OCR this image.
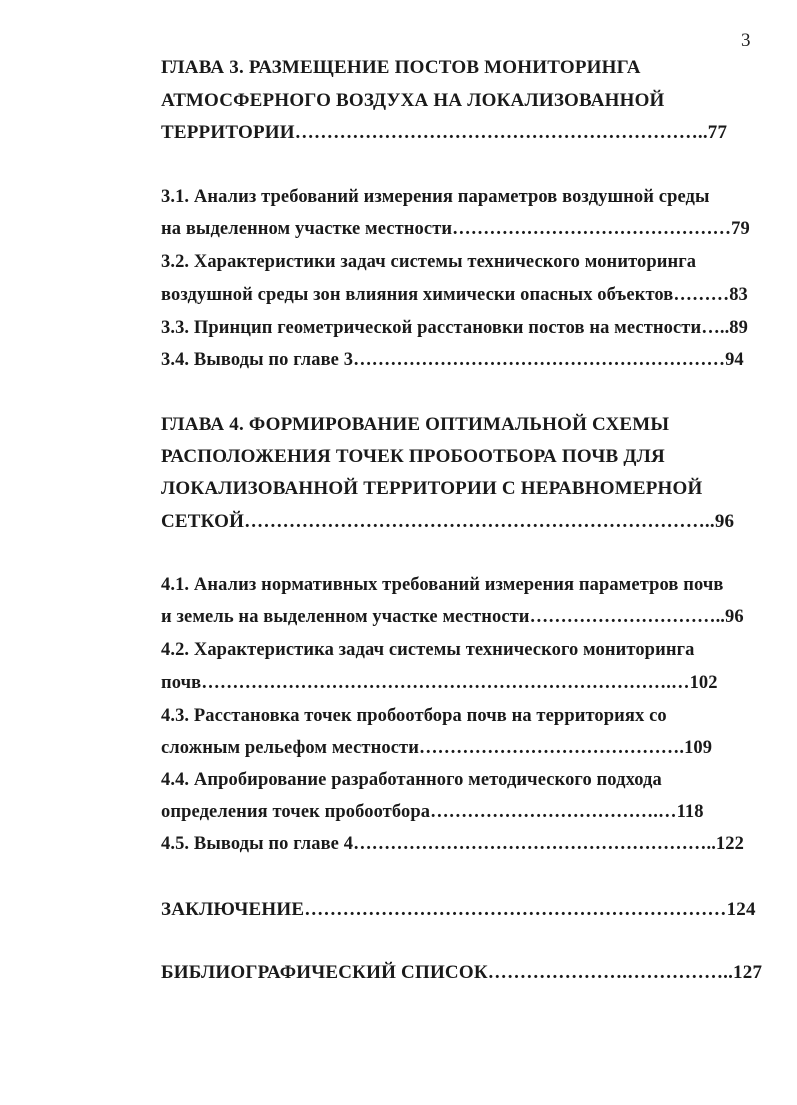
3
ГЛАВА 3. РАЗМЕЩЕНИЕ ПОСТОВ МОНИТОРИНГА
АТМОСФЕРНОГО ВОЗДУХА НА ЛОКАЛИЗОВАННОЙ
ТЕРРИТОРИИ………………………………………………………..77
3.1. Анализ требований измерения параметров воздушной среды
на выделенном участке местности………………………………………79
3.2. Характеристики задач системы технического мониторинга
воздушной среды зон влияния химически опасных объектов………83
3.3. Принцип геометрической расстановки постов на местности…..89
3.4. Выводы по главе 3……………………………………………………94
ГЛАВА 4. ФОРМИРОВАНИЕ ОПТИМАЛЬНОЙ СХЕМЫ
РАСПОЛОЖЕНИЯ ТОЧЕК ПРОБООТБОРА ПОЧВ ДЛЯ
ЛОКАЛИЗОВАННОЙ ТЕРРИТОРИИ С НЕРАВНОМЕРНОЙ
СЕТКОЙ………………………………………………………………..96
4.1. Анализ нормативных требований измерения параметров почв
и земель на выделенном участке местности…………………………..96
4.2. Характеристика задач системы технического мониторинга
почв………………………………………………………………….…102
4.3. Расстановка точек пробоотбора почв на территориях со
сложным рельефом местности…………………………………….109
4.4. Апробирование разработанного методического подхода
определения точек пробоотбора……………………………….…118
4.5. Выводы по главе 4…………………………………………………..122
ЗАКЛЮЧЕНИЕ…………………………………………………………124
БИБЛИОГРАФИЧЕСКИЙ СПИСОК………………….……………..127
